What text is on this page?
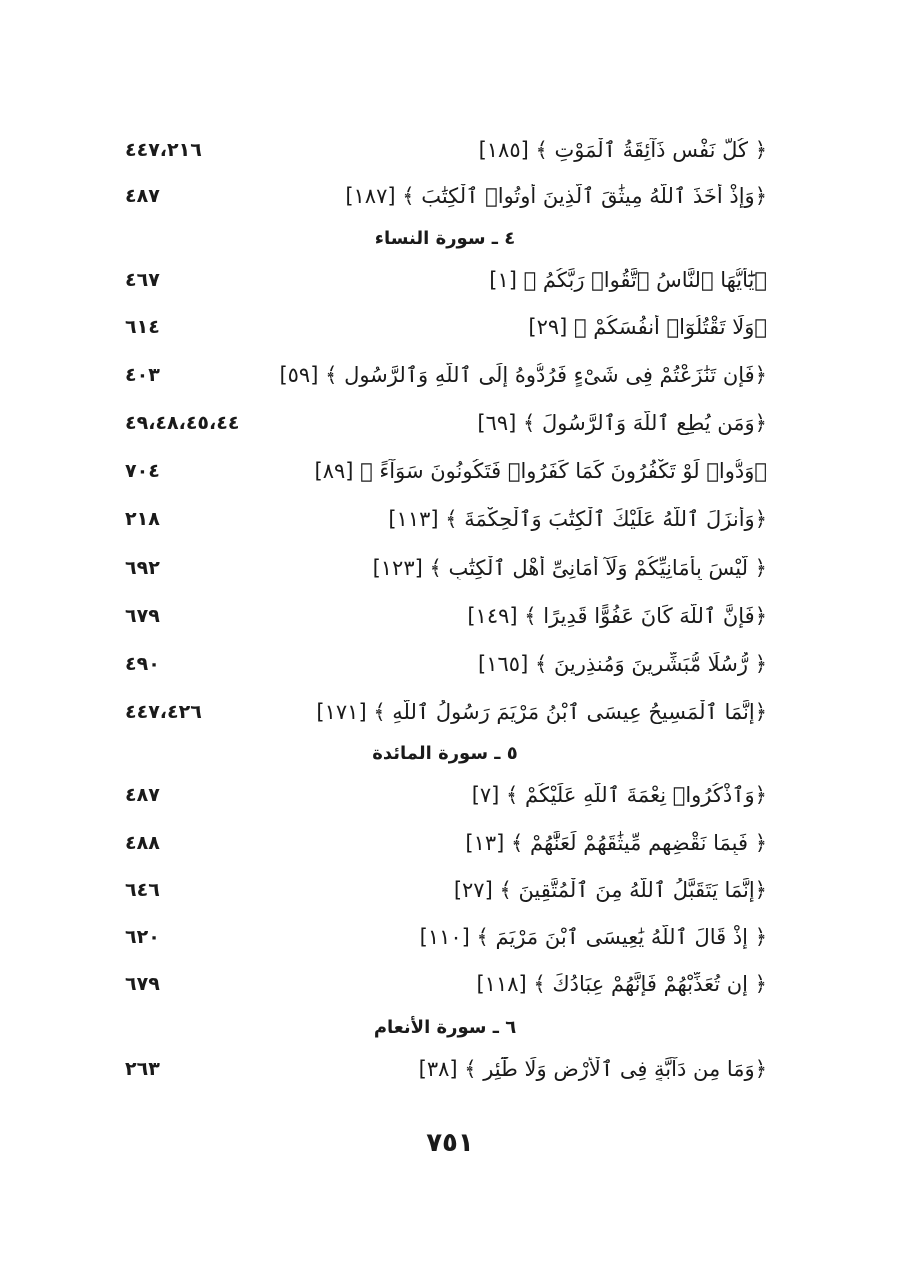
٤٤٧،٢١٦	﴿ كُلُّ نَفْسٍ ذَآئِقَةُ ٱلْمَوْتِ ﴾ [١٨٥]
٤٨٧	﴿وَإِذْ أَخَذَ ٱللَّهُ مِيثَٰقَ ٱلَّذِينَ أُوتُوا۟ ٱلْكِتَٰبَ ﴾ [١٨٧]
٤ ـ سورة النساء
٤٦٧	﴿يَٰٓأَيُّهَا ٱلنَّاسُ ٱتَّقُوا۟ رَبَّكُمُ ﴾ [١]
٦١٤	﴿وَلَا تَقْتُلُوٓا۟ أَنفُسَكُمْ ﴾ [٢٩]
٤٠٣	﴿فَإِن تَنَٰزَعْتُمْ فِى شَىْءٍ فَرُدُّوهُ إِلَى ٱللَّهِ وَٱلرَّسُولِ ﴾ [٥٩]
٤٩،٤٨،٤٥،٤٤	﴿وَمَن يُطِعِ ٱللَّهَ وَٱلرَّسُولَ ﴾ [٦٩]
٧٠٤	﴿وَدُّوا۟ لَوْ تَكْفُرُونَ كَمَا كَفَرُوا۟ فَتَكُونُونَ سَوَآءً ﴾ [٨٩]
٢١٨	﴿وَأَنزَلَ ٱللَّهُ عَلَيْكَ ٱلْكِتَٰبَ وَٱلْحِكْمَةَ ﴾ [١١٣]
٦٩٢	﴿ لَّيْسَ بِأَمَانِيِّكُمْ وَلَآ أَمَانِىِّ أَهْلِ ٱلْكِتَٰبِ ﴾ [١٢٣]
٦٧٩	﴿فَإِنَّ ٱللَّهَ كَانَ عَفُوًّا قَدِيرًا ﴾ [١٤٩]
٤٩٠	﴿ رُّسُلًا مُّبَشِّرِينَ وَمُنذِرِينَ ﴾ [١٦٥]
٤٤٧،٤٢٦	﴿إِنَّمَا ٱلْمَسِيحُ عِيسَى ٱبْنُ مَرْيَمَ رَسُولُ ٱللَّهِ ﴾ [١٧١]
٥ ـ سورة المائدة
٤٨٧	﴿وَٱذْكُرُوا۟ نِعْمَةَ ٱللَّهِ عَلَيْكُمْ ﴾ [٧]
٤٨٨	﴿ فَبِمَا نَقْضِهِم مِّيثَٰقَهُمْ لَعَنَّٰهُمْ ﴾ [١٣]
٦٤٦	﴿إِنَّمَا يَتَقَبَّلُ ٱللَّهُ مِنَ ٱلْمُتَّقِينَ ﴾ [٢٧]
٦٢٠	﴿ إِذْ قَالَ ٱللَّهُ يَٰعِيسَى ٱبْنَ مَرْيَمَ ﴾ [١١٠]
٦٧٩	﴿ إِن تُعَذِّبْهُمْ فَإِنَّهُمْ عِبَادُكَ ﴾ [١١٨]
٦ ـ سورة الأنعام
٢٦٣	﴿وَمَا مِن دَآبَّةٍ فِى ٱلْأَرْضِ وَلَا طَٰٓئِرٍ ﴾ [٣٨]
٧٥١
